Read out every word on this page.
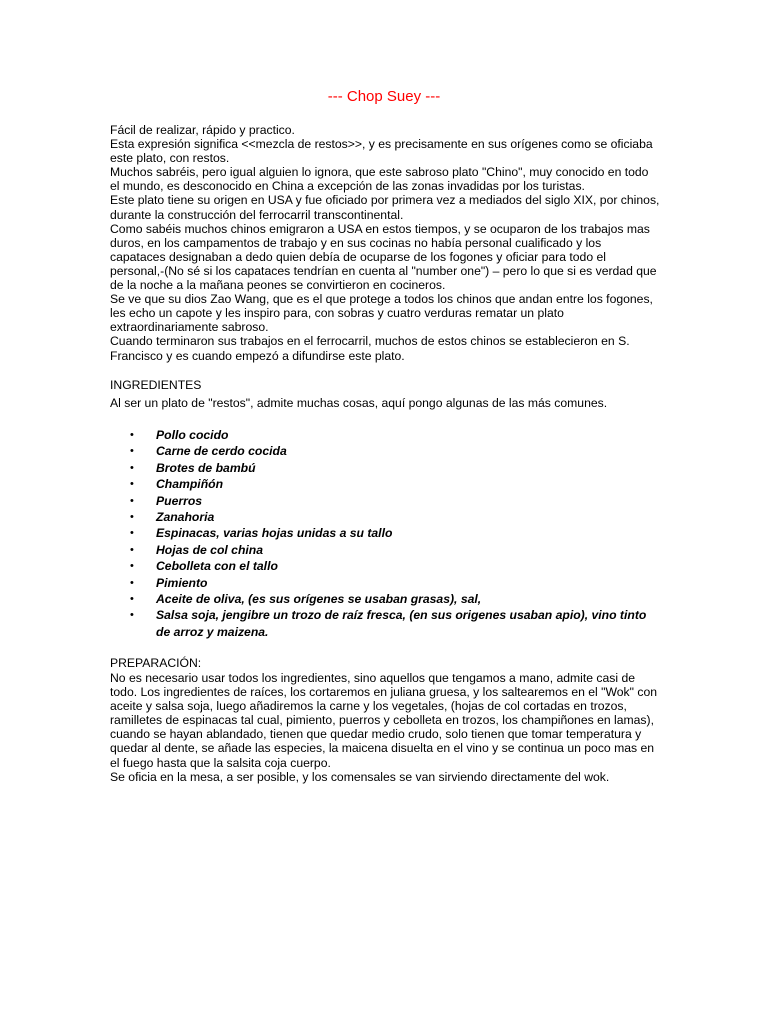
--- Chop Suey ---

Fácil de realizar, rápido y practico.

Esta expresión significa <<mezcla de restos>>, y es precisamente en sus orígenes como se oficiaba este plato, con restos.

Muchos sabréis, pero igual alguien lo ignora, que este sabroso plato "Chino", muy conocido en todo el mundo, es desconocido en China a excepción de las zonas invadidas por los turistas.

Este plato tiene su origen en USA y fue oficiado por primera vez a mediados del siglo XIX, por chinos, durante la construcción del ferrocarril transcontinental.

Como sabéis muchos chinos emigraron a USA en estos tiempos, y se ocuparon de los trabajos mas duros, en los campamentos de trabajo y en sus cocinas no había personal cualificado y los capataces designaban a dedo quien debía de ocuparse de los fogones y oficiar para todo el personal,-(No sé si los capataces tendrían en cuenta al "number one") – pero lo que si es verdad que de la noche a la mañana peones se convirtieron en cocineros.

Se ve que su dios Zao Wang, que es el que protege a todos los chinos que andan entre los fogones, les echo un capote y les inspiro para, con sobras y cuatro verduras rematar un plato extraordinariamente sabroso.

Cuando terminaron sus trabajos en el ferrocarril, muchos de estos chinos se establecieron en S. Francisco y es cuando empezó a difundirse este plato.

INGREDIENTES
Al ser un plato de "restos", admite muchas cosas, aquí pongo algunas de las más comunes.
• Pollo cocido
• Carne de cerdo cocida
• Brotes de bambú
• Champiñón
• Puerros
• Zanahoria
• Espinacas, varias hojas unidas a su tallo
• Hojas de col china
• Cebolleta con el tallo
• Pimiento
• Aceite de oliva, (es sus orígenes se usaban grasas), sal,
• Salsa soja, jengibre un trozo de raíz fresca, (en sus origenes usaban apio), vino tinto de arroz y maizena.
PREPARACIÓN:

No es necesario usar todos los ingredientes, sino aquellos que tengamos a mano, admite casi de todo. Los ingredientes de raíces, los cortaremos en juliana gruesa, y los saltearemos en el "Wok" con aceite y salsa soja, luego añadiremos la carne y los vegetales, (hojas de col cortadas en trozos, ramilletes de espinacas tal cual, pimiento, puerros y cebolleta en trozos, los champiñones en lamas), cuando se hayan ablandado, tienen que quedar medio crudo, solo tienen que tomar temperatura y quedar al dente, se añade las especies, la maicena disuelta en el vino y se continua un poco mas en el fuego hasta que la salsita coja cuerpo.

Se oficia en la mesa, a ser posible, y los comensales se van sirviendo directamente del wok.
